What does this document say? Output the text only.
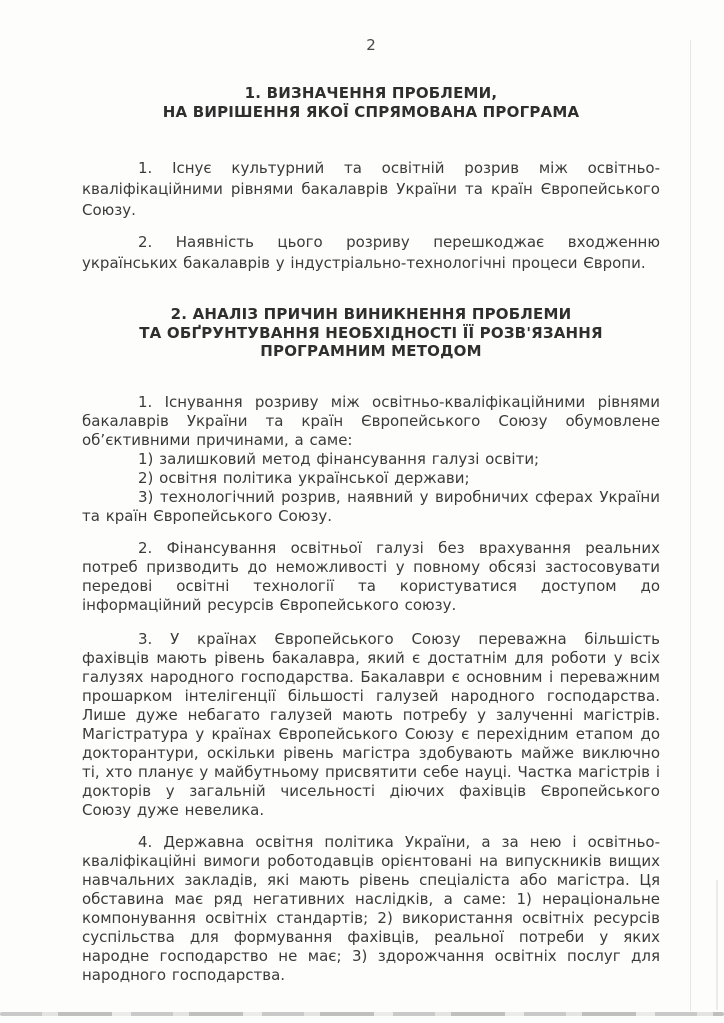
2
1. ВИЗНАЧЕННЯ ПРОБЛЕМИ,
НА ВИРІШЕННЯ ЯКОЇ СПРЯМОВАНА ПРОГРАМА

1. Існує культурний та освітній розрив між освітньо-кваліфікаційними рівнями бакалаврів України та країн Європейського Союзу.

2. Наявність цього розриву перешкоджає входженню українських бакалаврів у індустріально-технологічні процеси Європи.

2. АНАЛІЗ ПРИЧИН ВИНИКНЕННЯ ПРОБЛЕМИ
ТА ОБҐРУНТУВАННЯ НЕОБХІДНОСТІ ЇЇ РОЗВ'ЯЗАННЯ
ПРОГРАМНИМ МЕТОДОМ

1. Існування розриву між освітньо-кваліфікаційними рівнями бакалаврів України та країн Європейського Союзу обумовлене об’єктивними причинами, а саме:

1) залишковий метод фінансування галузі освіти;

2) освітня політика української держави;

3) технологічний розрив, наявний у виробничих сферах України та країн Європейського Союзу.

2. Фінансування освітньої галузі без врахування реальних потреб призводить до неможливості у повному обсязі застосовувати передові освітні технології та користуватися доступом до інформаційний ресурсів Європейського союзу.

3. У країнах Європейського Союзу переважна більшість фахівців мають рівень бакалавра, який є достатнім для роботи у всіх галузях народного господарства. Бакалаври є основним і переважним прошарком інтелігенції більшості галузей народного господарства. Лише дуже небагато галузей мають потребу у залученні магістрів. Магістратура у країнах Європейського Союзу є перехідним етапом до докторантури, оскільки рівень магістра здобувають майже виключно ті, хто планує у майбутньому присвятити себе науці. Частка магістрів і докторів у загальній чисельності діючих фахівців Європейського Союзу дуже невелика.

4. Державна освітня політика України, а за нею і освітньо-кваліфікаційні вимоги роботодавців орієнтовані на випускників вищих навчальних закладів, які мають рівень спеціаліста або магістра. Ця обставина має ряд негативних наслідків, а саме: 1) нераціональне компонування освітніх стандартів; 2) використання освітніх ресурсів суспільства для формування фахівців, реальної потреби у яких народне господарство не має; 3) здорожчання освітніх послуг для народного господарства.
